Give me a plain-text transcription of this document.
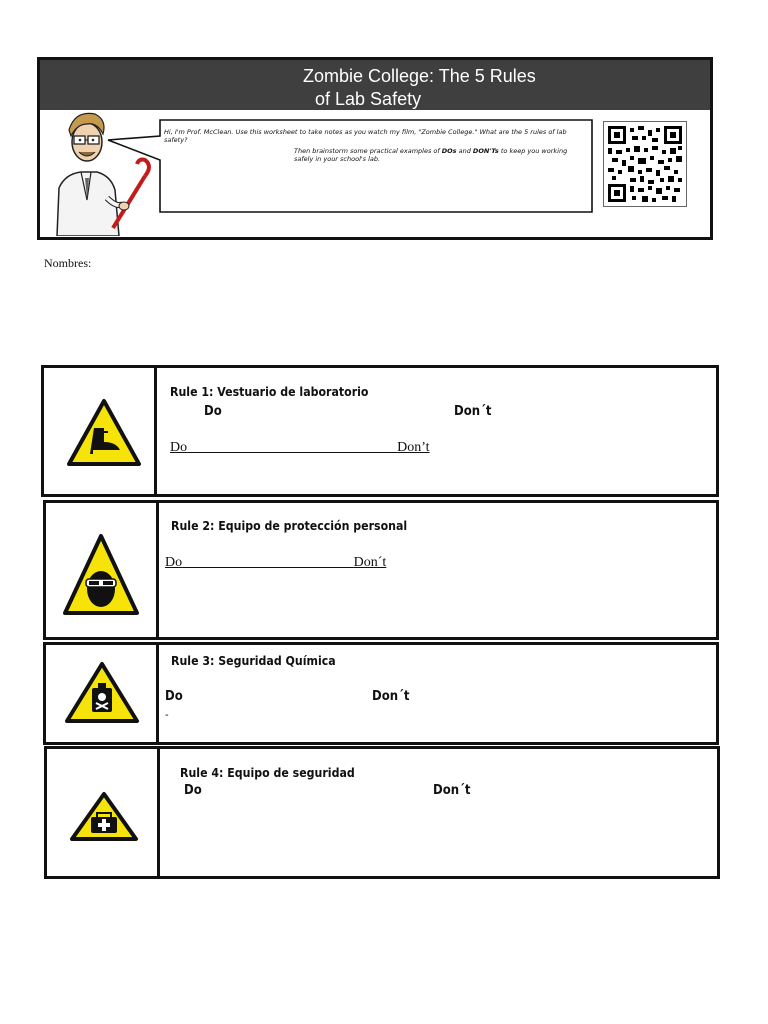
Zombie College: The 5 Rules
of Lab Safety

Hi, I'm Prof. McClean. Use this worksheet to take notes as you watch my film, "Zombie College." What are the 5 rules of lab safety?

Then brainstorm some practical examples of DOs and DON'Ts to keep you working safely in your school's lab.

Nombres:
Rule 1: Vestuario de laboratorio
Do	Don´t
Do	Don’t
Rule 2: Equipo de protección personal
Do	Don´t
Rule 3: Seguridad Química
Do	Don´t
-
Rule 4: Equipo de seguridad
Do	Don´t
